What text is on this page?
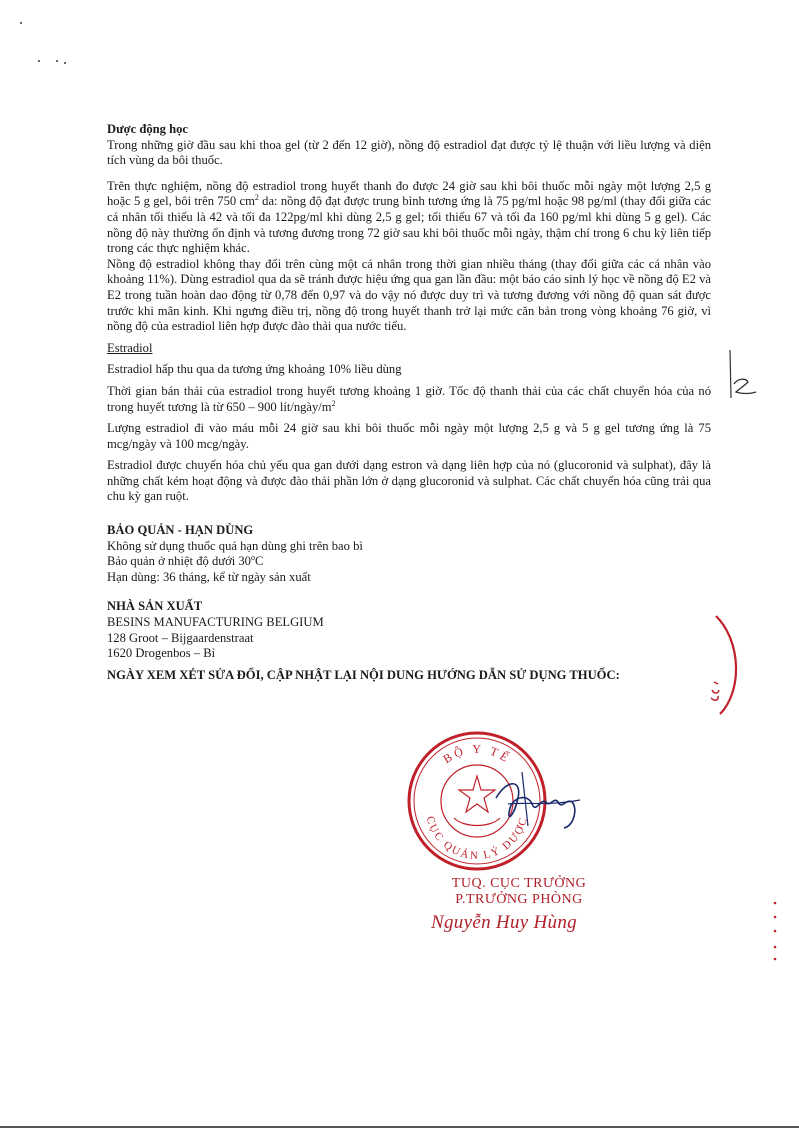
Dược động học

Trong những giờ đầu sau khi thoa gel (từ 2 đến 12 giờ), nồng độ estradiol đạt được tỷ lệ thuận với liều lượng và diện tích vùng da bôi thuốc.

Trên thực nghiệm, nồng độ estradiol trong huyết thanh đo được 24 giờ sau khi bôi thuốc mỗi ngày một lượng 2,5 g hoặc 5 g gel, bôi trên 750 $cm^2$ da: nồng độ đạt được trung bình tương ứng là 75 pg/ml hoặc 98 pg/ml (thay đổi giữa các cá nhân tối thiểu là 42 và tối đa 122pg/ml khi dùng 2,5 g gel; tối thiểu 67 và tối đa 160 pg/ml khi dùng 5 g gel). Các nồng độ này thường ổn định và tương đương trong 72 giờ sau khi bôi thuốc mỗi ngày, thậm chí trong 6 chu kỳ liên tiếp trong các thực nghiệm khác.

Nồng độ estradiol không thay đổi trên cùng một cá nhân trong thời gian nhiều tháng (thay đổi giữa các cá nhân vào khoảng 11%). Dùng estradiol qua da sẽ tránh được hiệu ứng qua gan lần đầu: một báo cáo sinh lý học về nồng độ E2 và E2 trong tuần hoàn dao động từ 0,78 đến 0,97 và do vậy nó được duy trì và tương đương với nồng độ quan sát được trước khi mãn kinh. Khi ngưng điều trị, nồng độ trong huyết thanh trở lại mức căn bản trong vòng khoảng 76 giờ, vì nồng độ của estradiol liên hợp được đào thải qua nước tiểu.

Estradiol

Estradiol hấp thu qua da tương ứng khoảng 10% liều dùng

Thời gian bán thải của estradiol trong huyết tương khoảng 1 giờ. Tốc độ thanh thải của các chất chuyển hóa của nó trong huyết tương là từ 650 – 900 lít/$ngày/m^2$

Lượng estradiol đi vào máu mỗi 24 giờ sau khi bôi thuốc mỗi ngày một lượng 2,5 g và 5 g gel tương ứng là 75 mcg/ngày và 100 mcg/ngày.

Estradiol được chuyển hóa chủ yếu qua gan dưới dạng estron và dạng liên hợp của nó (glucoronid và sulphat), đây là những chất kém hoạt động và được đào thải phần lớn ở dạng glucoronid và sulphat. Các chất chuyển hóa cũng trải qua chu kỳ gan ruột.

BẢO QUẢN - HẠN DÙNG

Không sử dụng thuốc quá hạn dùng ghi trên bao bì

Bảo quản ở nhiệt độ dưới 30$^o$C

Hạn dùng: 36 tháng, kể từ ngày sản xuất

NHÀ SẢN XUẤT

BESINS MANUFACTURING BELGIUM

128 Groot – Bijgaardenstraat

1620 Drogenbos – Bỉ

NGÀY XEM XÉT SỬA ĐỔI, CẬP NHẬT LẠI NỘI DUNG HƯỚNG DẪN SỬ DỤNG THUỐC:

BỘ Y TẾ
CỤC QUẢN LÝ DƯỢC
TUQ. CỤC TRƯỞNG
P.TRƯỞNG PHÒNG
Nguyễn Huy Hùng
